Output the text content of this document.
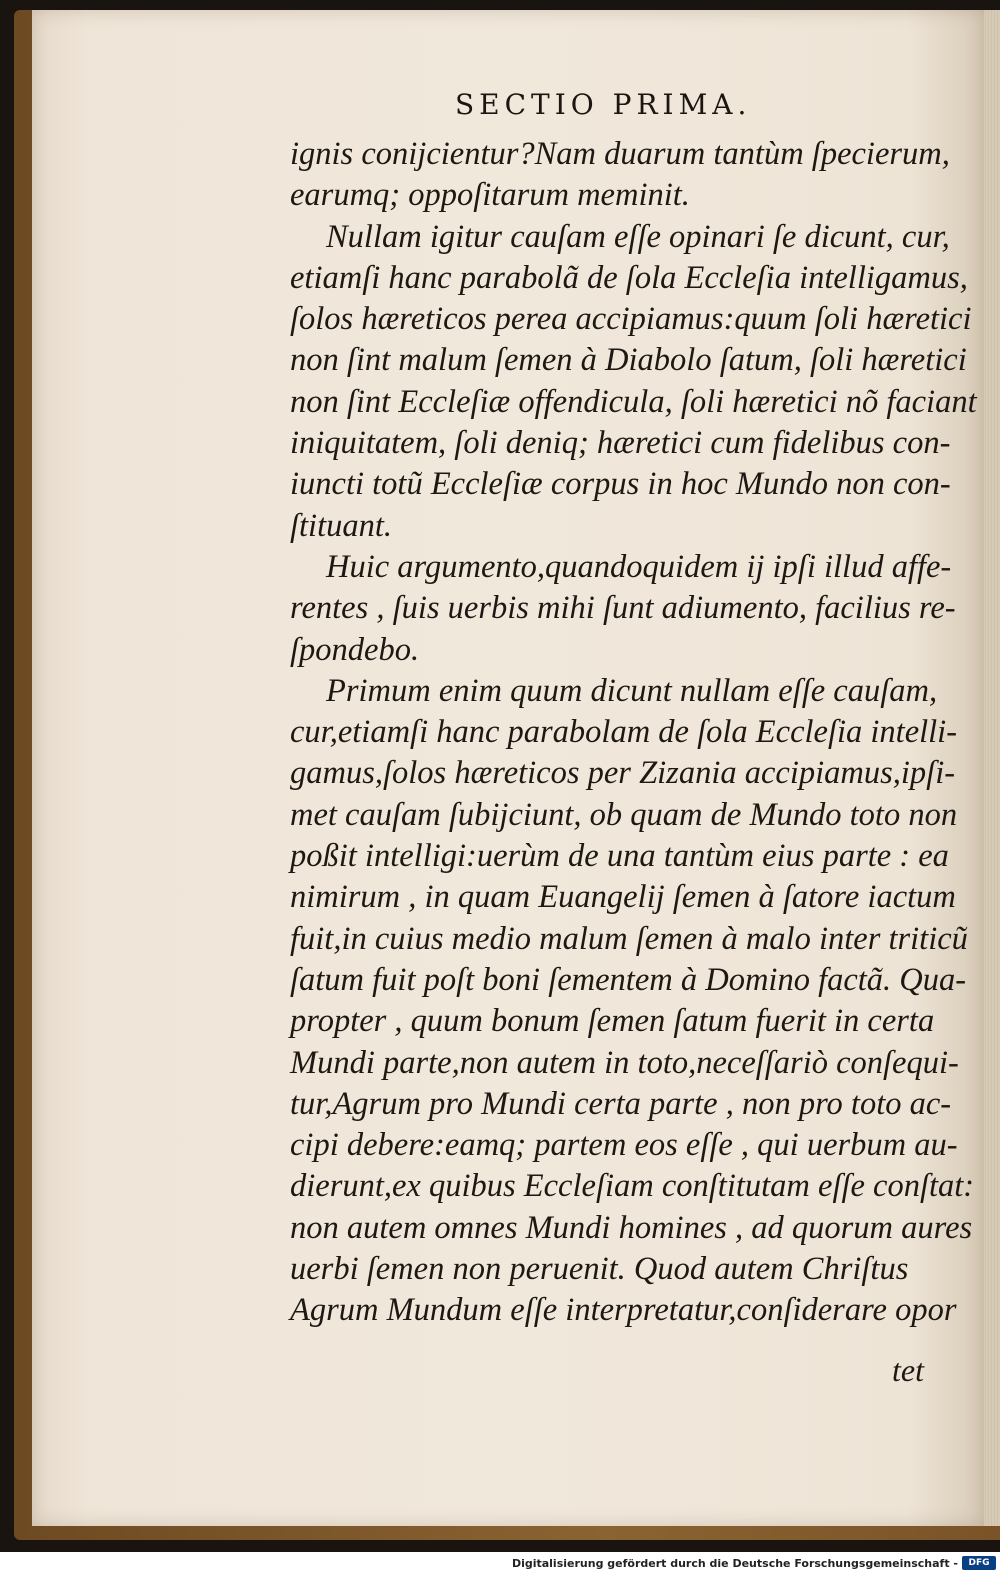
SECTIO PRIMA.
ignis conijcientur?Nam duarum tantùm ſpecierum,
earumq; oppoſitarum meminit.
Nullam igitur cauſam eſſe opinari ſe dicunt, cur,
etiamſi hanc parabolã de ſola Eccleſia intelligamus,
ſolos hæreticos perea accipiamus:quum ſoli hæretici
non ſint malum ſemen à Diabolo ſatum, ſoli hæretici
non ſint Eccleſiæ offendicula, ſoli hæretici nõ faciant
iniquitatem, ſoli deniq; hæretici cum fidelibus con-
iuncti totũ Eccleſiæ corpus in hoc Mundo non con-
ſtituant.
Huic argumento,quandoquidem ij ipſi illud affe-
rentes , ſuis uerbis mihi ſunt adiumento, facilius re-
ſpondebo.
Primum enim quum dicunt nullam eſſe cauſam,
cur,etiamſi hanc parabolam de ſola Eccleſia intelli-
gamus,ſolos hæreticos per Zizania accipiamus,ipſi-
met cauſam ſubijciunt, ob quam de Mundo toto non
poßit intelligi:uerùm de una tantùm eius parte : ea
nimirum , in quam Euangelij ſemen à ſatore iactum
fuit,in cuius medio malum ſemen à malo inter triticũ
ſatum fuit poſt boni ſementem à Domino factã. Qua-
propter , quum bonum ſemen ſatum fuerit in certa
Mundi parte,non autem in toto,neceſſariò conſequi-
tur,Agrum pro Mundi certa parte , non pro toto ac-
cipi debere:eamq; partem eos eſſe , qui uerbum au-
dierunt,ex quibus Eccleſiam conſtitutam eſſe conſtat:
non autem omnes Mundi homines , ad quorum aures
uerbi ſemen non peruenit. Quod autem Chriſtus
Agrum Mundum eſſe interpretatur,conſiderare opor
tet
Digitalisierung gefördert durch die Deutsche Forschungsgemeinschaft -	DFG
